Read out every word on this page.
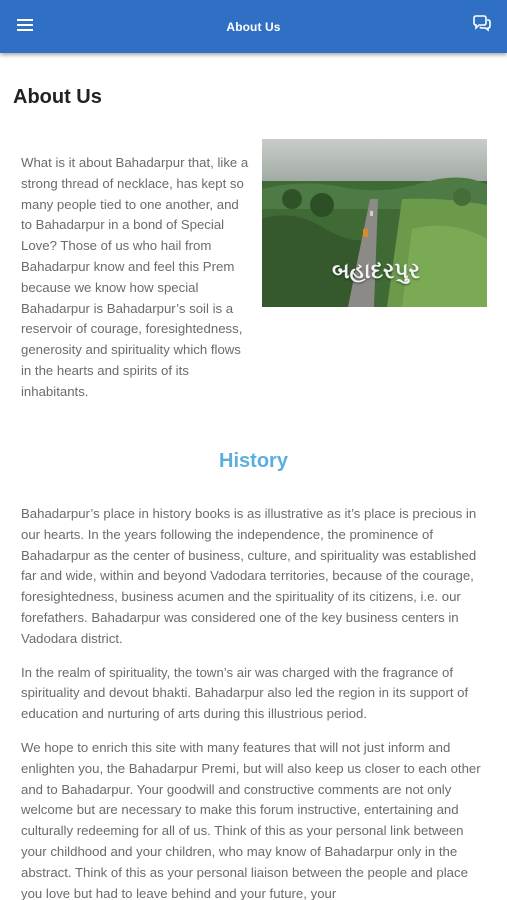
About Us
About Us
What is it about Bahadarpur that, like a strong thread of necklace, has kept so many people tied to one another, and to Bahadarpur in a bond of Special Love? Those of us who hail from Bahadarpur know and feel this Prem because we know how special Bahadarpur is Bahadarpur’s soil is a reservoir of courage, foresightedness, generosity and spirituality which flows in the hearts and spirits of its inhabitants.
બહાદરપુર
History

Bahadarpur’s place in history books is as illustrative as it’s place is precious in our hearts. In the years following the independence, the prominence of Bahadarpur as the center of business, culture, and spirituality was established far and wide, within and beyond Vadodara territories, because of the courage, foresightedness, business acumen and the spirituality of its citizens, i.e. our forefathers. Bahadarpur was considered one of the key business centers in Vadodara district.

In the realm of spirituality, the town’s air was charged with the fragrance of spirituality and devout bhakti. Bahadarpur also led the region in its support of education and nurturing of arts during this illustrious period.

We hope to enrich this site with many features that will not just inform and enlighten you, the Bahadarpur Premi, but will also keep us closer to each other and to Bahadarpur. Your goodwill and constructive comments are not only welcome but are necessary to make this forum instructive, entertaining and culturally redeeming for all of us. Think of this as your personal link between your childhood and your children, who may know of Bahadarpur only in the abstract. Think of this as your personal liaison between the people and place you love but had to leave behind and your future, your
